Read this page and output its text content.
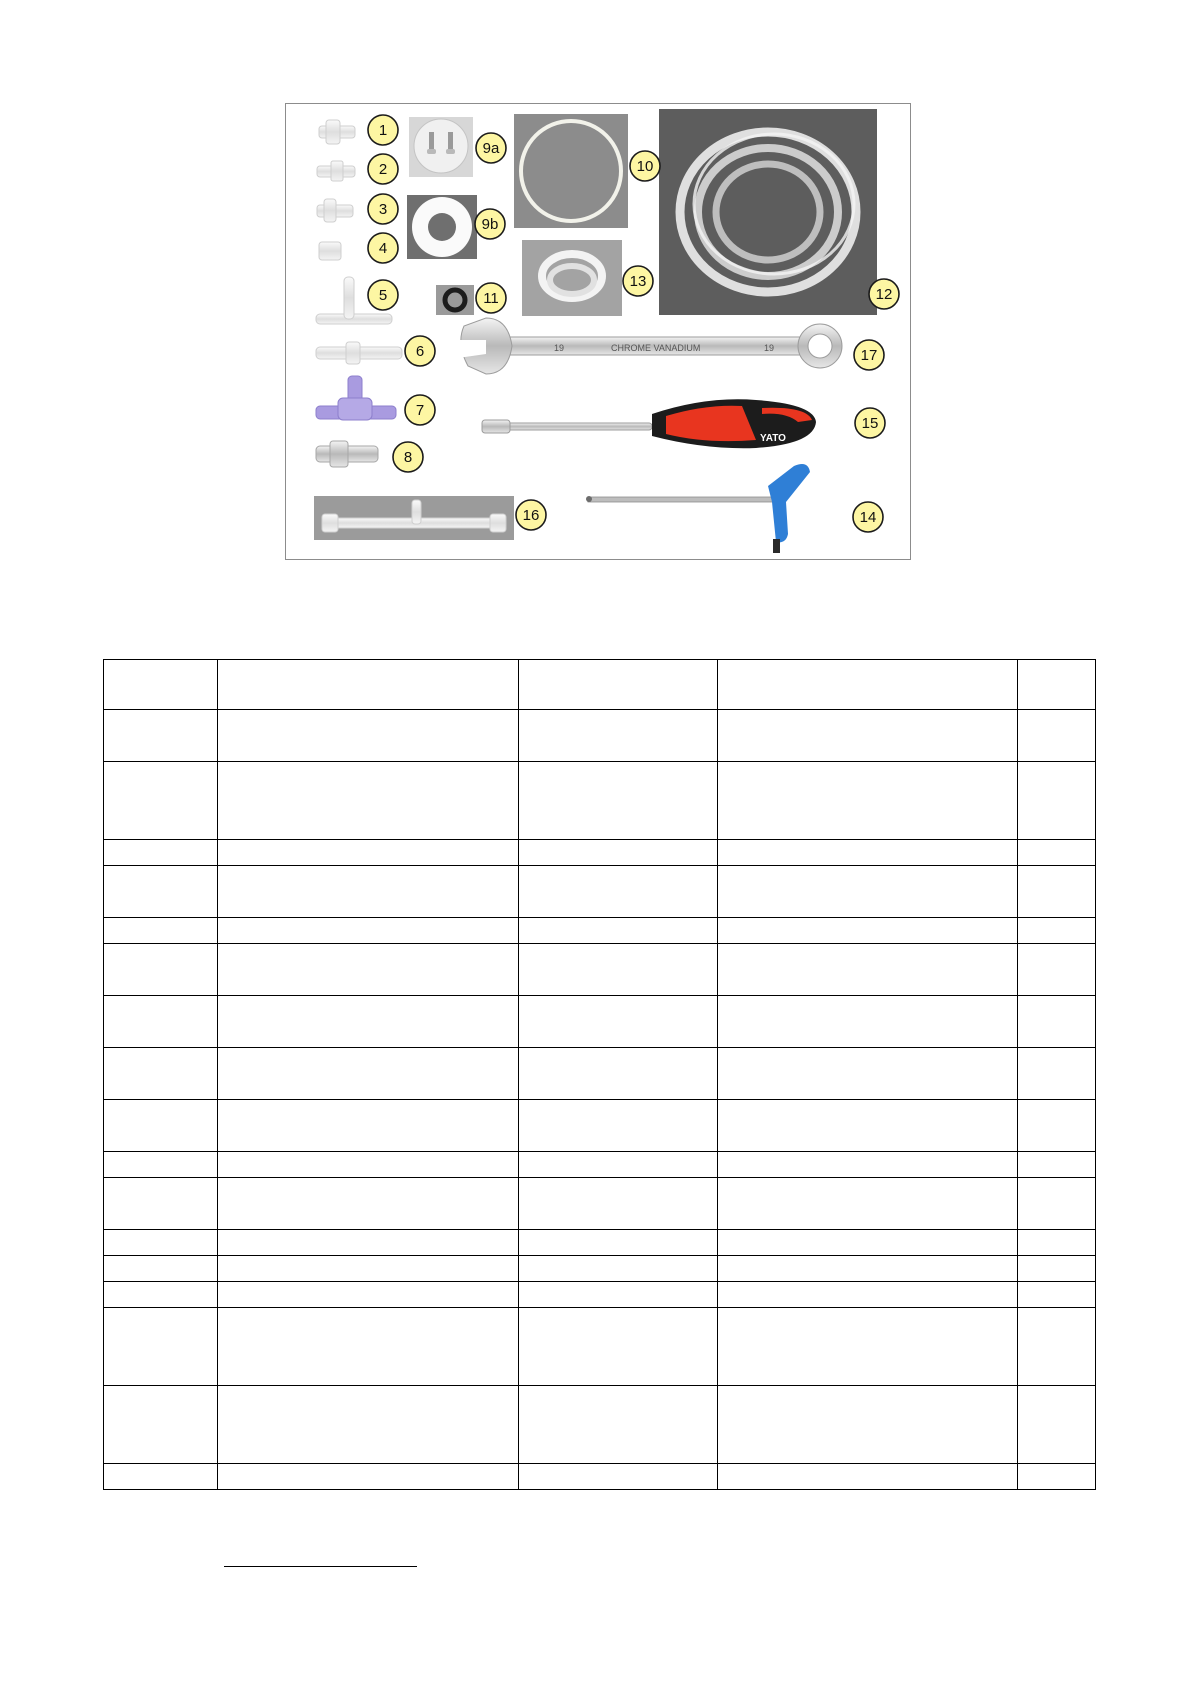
19	CHROME VANADIUM	19
YATO
1
2
3
4
5
6
7
8
9a
9b
10
11	12
13
14
15
16
17
